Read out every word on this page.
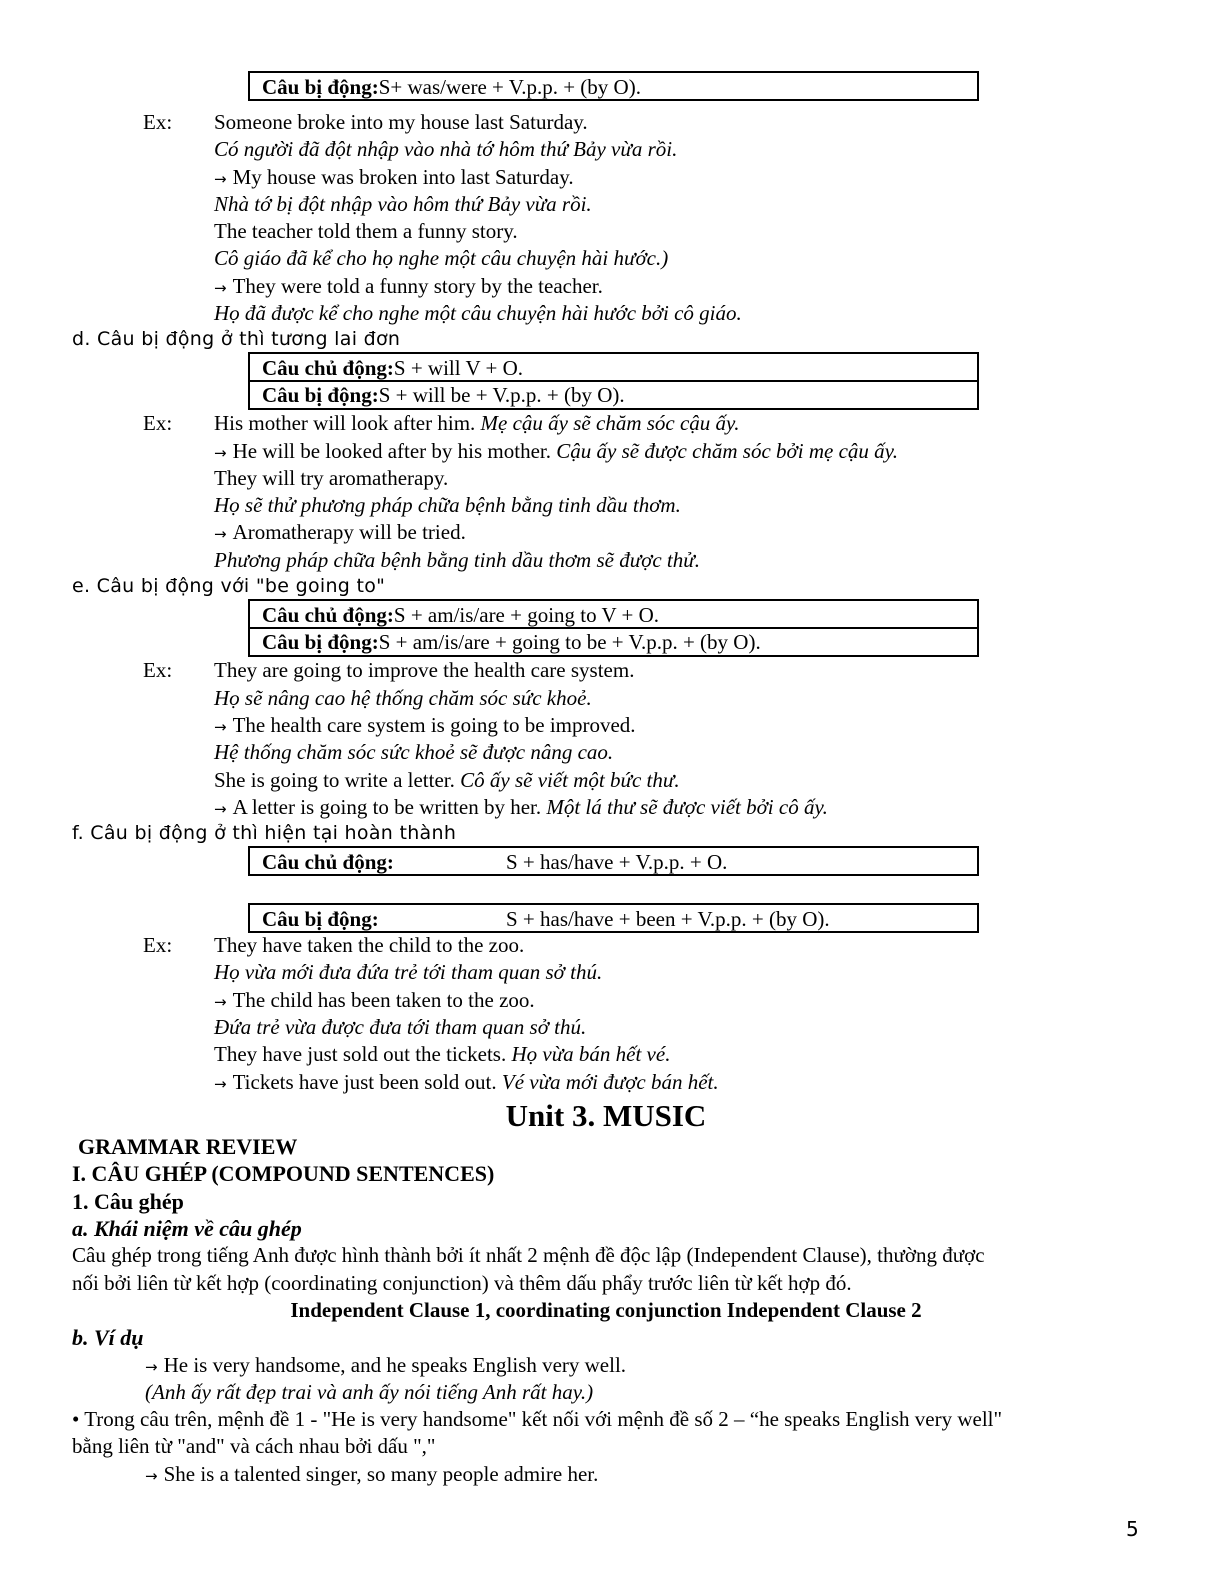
Câu bị động:S+ was/were + V.p.p. + (by O).
Ex: Someone broke into my house last Saturday.
Có người đã đột nhập vào nhà tớ hôm thứ Bảy vừa rồi.
→ My house was broken into last Saturday.
Nhà tớ bị đột nhập vào hôm thứ Bảy vừa rồi.
The teacher told them a funny story.
Cô giáo đã kể cho họ nghe một câu chuyện hài hước.)
→ They were told a funny story by the teacher.
Họ đã được kể cho nghe một câu chuyện hài hước bởi cô giáo.
d. Câu bị động ở thì tương lai đơn
Câu chủ động:S + will V + O.
Câu bị động:S + will be + V.p.p. + (by O).
Ex: His mother will look after him. Mẹ cậu ấy sẽ chăm sóc cậu ấy.
→ He will be looked after by his mother. Cậu ấy sẽ được chăm sóc bởi mẹ cậu ấy.
They will try aromatherapy.
Họ sẽ thử phương pháp chữa bệnh bằng tinh dầu thơm.
→ Aromatherapy will be tried.
Phương pháp chữa bệnh bằng tinh dầu thơm sẽ được thử.
e. Câu bị động với "be going to"
Câu chủ động:S + am/is/are + going to V + O.
Câu bị động:S + am/is/are + going to be + V.p.p. + (by O).
Ex: They are going to improve the health care system.
Họ sẽ nâng cao hệ thống chăm sóc sức khoẻ.
→ The health care system is going to be improved.
Hệ thống chăm sóc sức khoẻ sẽ được nâng cao.
She is going to write a letter. Cô ấy sẽ viết một bức thư.
→ A letter is going to be written by her. Một lá thư sẽ được viết bởi cô ấy.
f. Câu bị động ở thì hiện tại hoàn thành
Câu chủ động:	S + has/have + V.p.p. + O.
Câu bị động:	S + has/have + been + V.p.p. + (by O).
Ex: They have taken the child to the zoo.
Họ vừa mới đưa đứa trẻ tới tham quan sở thú.
→ The child has been taken to the zoo.
Đứa trẻ vừa được đưa tới tham quan sở thú.
They have just sold out the tickets. Họ vừa bán hết vé.
→ Tickets have just been sold out. Vé vừa mới được bán hết.
Unit 3. MUSIC
GRAMMAR REVIEW
I. CÂU GHÉP (COMPOUND SENTENCES)
1. Câu ghép
a. Khái niệm về câu ghép
Câu ghép trong tiếng Anh được hình thành bởi ít nhất 2 mệnh đề độc lập (Independent Clause), thường được
nối bởi liên từ kết hợp (coordinating conjunction) và thêm dấu phẩy trước liên từ kết hợp đó.
Independent Clause 1, coordinating conjunction Independent Clause 2
b. Ví dụ
→ He is very handsome, and he speaks English very well.
(Anh ấy rất đẹp trai và anh ấy nói tiếng Anh rất hay.)
• Trong câu trên, mệnh đề 1 - "He is very handsome" kết nối với mệnh đề số 2 – “he speaks English very well"
bằng liên từ "and" và cách nhau bởi dấu ","
→ She is a talented singer, so many people admire her.
5
